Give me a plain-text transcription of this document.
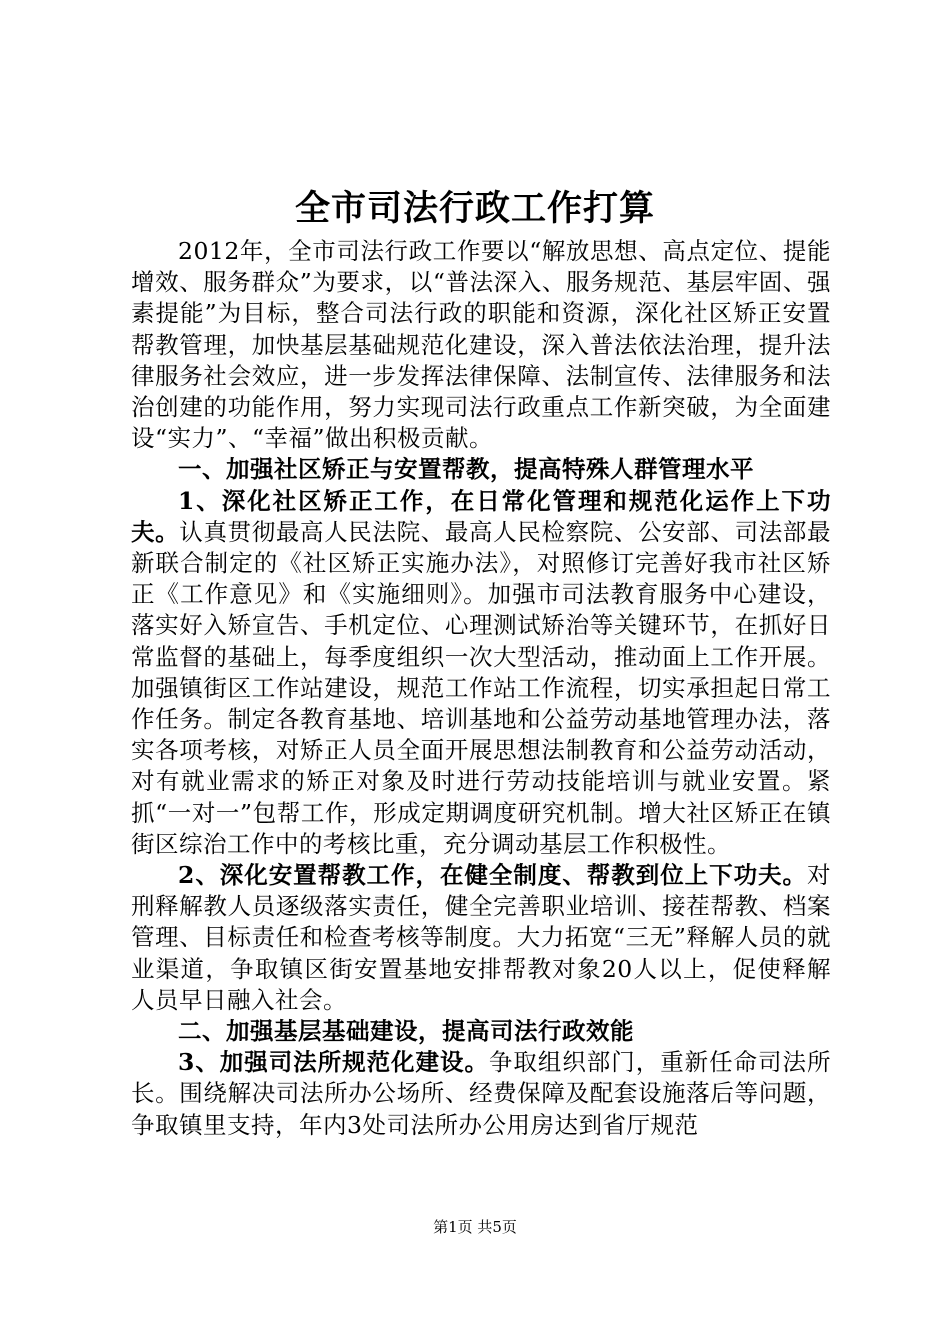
全市司法行政工作打算

2012年，全市司法行政工作要以“解放思想、高点定位、提能增效、服务群众”为要求，以“普法深入、服务规范、基层牢固、强素提能”为目标，整合司法行政的职能和资源，深化社区矫正安置帮教管理，加快基层基础规范化建设，深入普法依法治理，提升法律服务社会效应，进一步发挥法律保障、法制宣传、法律服务和法治创建的功能作用，努力实现司法行政重点工作新突破，为全面建设“实力”、“幸福”做出积极贡献。

一、加强社区矫正与安置帮教，提高特殊人群管理水平

1、深化社区矫正工作，在日常化管理和规范化运作上下功夫。认真贯彻最高人民法院、最高人民检察院、公安部、司法部最新联合制定的《社区矫正实施办法》，对照修订完善好我市社区矫正《工作意见》和《实施细则》。加强市司法教育服务中心建设，落实好入矫宣告、手机定位、心理测试矫治等关键环节，在抓好日常监督的基础上，每季度组织一次大型活动，推动面上工作开展。加强镇街区工作站建设，规范工作站工作流程，切实承担起日常工作任务。制定各教育基地、培训基地和公益劳动基地管理办法，落实各项考核，对矫正人员全面开展思想法制教育和公益劳动活动，对有就业需求的矫正对象及时进行劳动技能培训与就业安置。紧抓“一对一”包帮工作，形成定期调度研究机制。增大社区矫正在镇街区综治工作中的考核比重，充分调动基层工作积极性。

2、深化安置帮教工作，在健全制度、帮教到位上下功夫。对刑释解教人员逐级落实责任，健全完善职业培训、接茬帮教、档案管理、目标责任和检查考核等制度。大力拓宽“三无”释解人员的就业渠道，争取镇区街安置基地安排帮教对象20人以上，促使释解人员早日融入社会。

二、加强基层基础建设，提高司法行政效能

3、加强司法所规范化建设。争取组织部门，重新任命司法所长。围绕解决司法所办公场所、经费保障及配套设施落后等问题，争取镇里支持，年内3处司法所办公用房达到省厅规范

第1页 共5页
